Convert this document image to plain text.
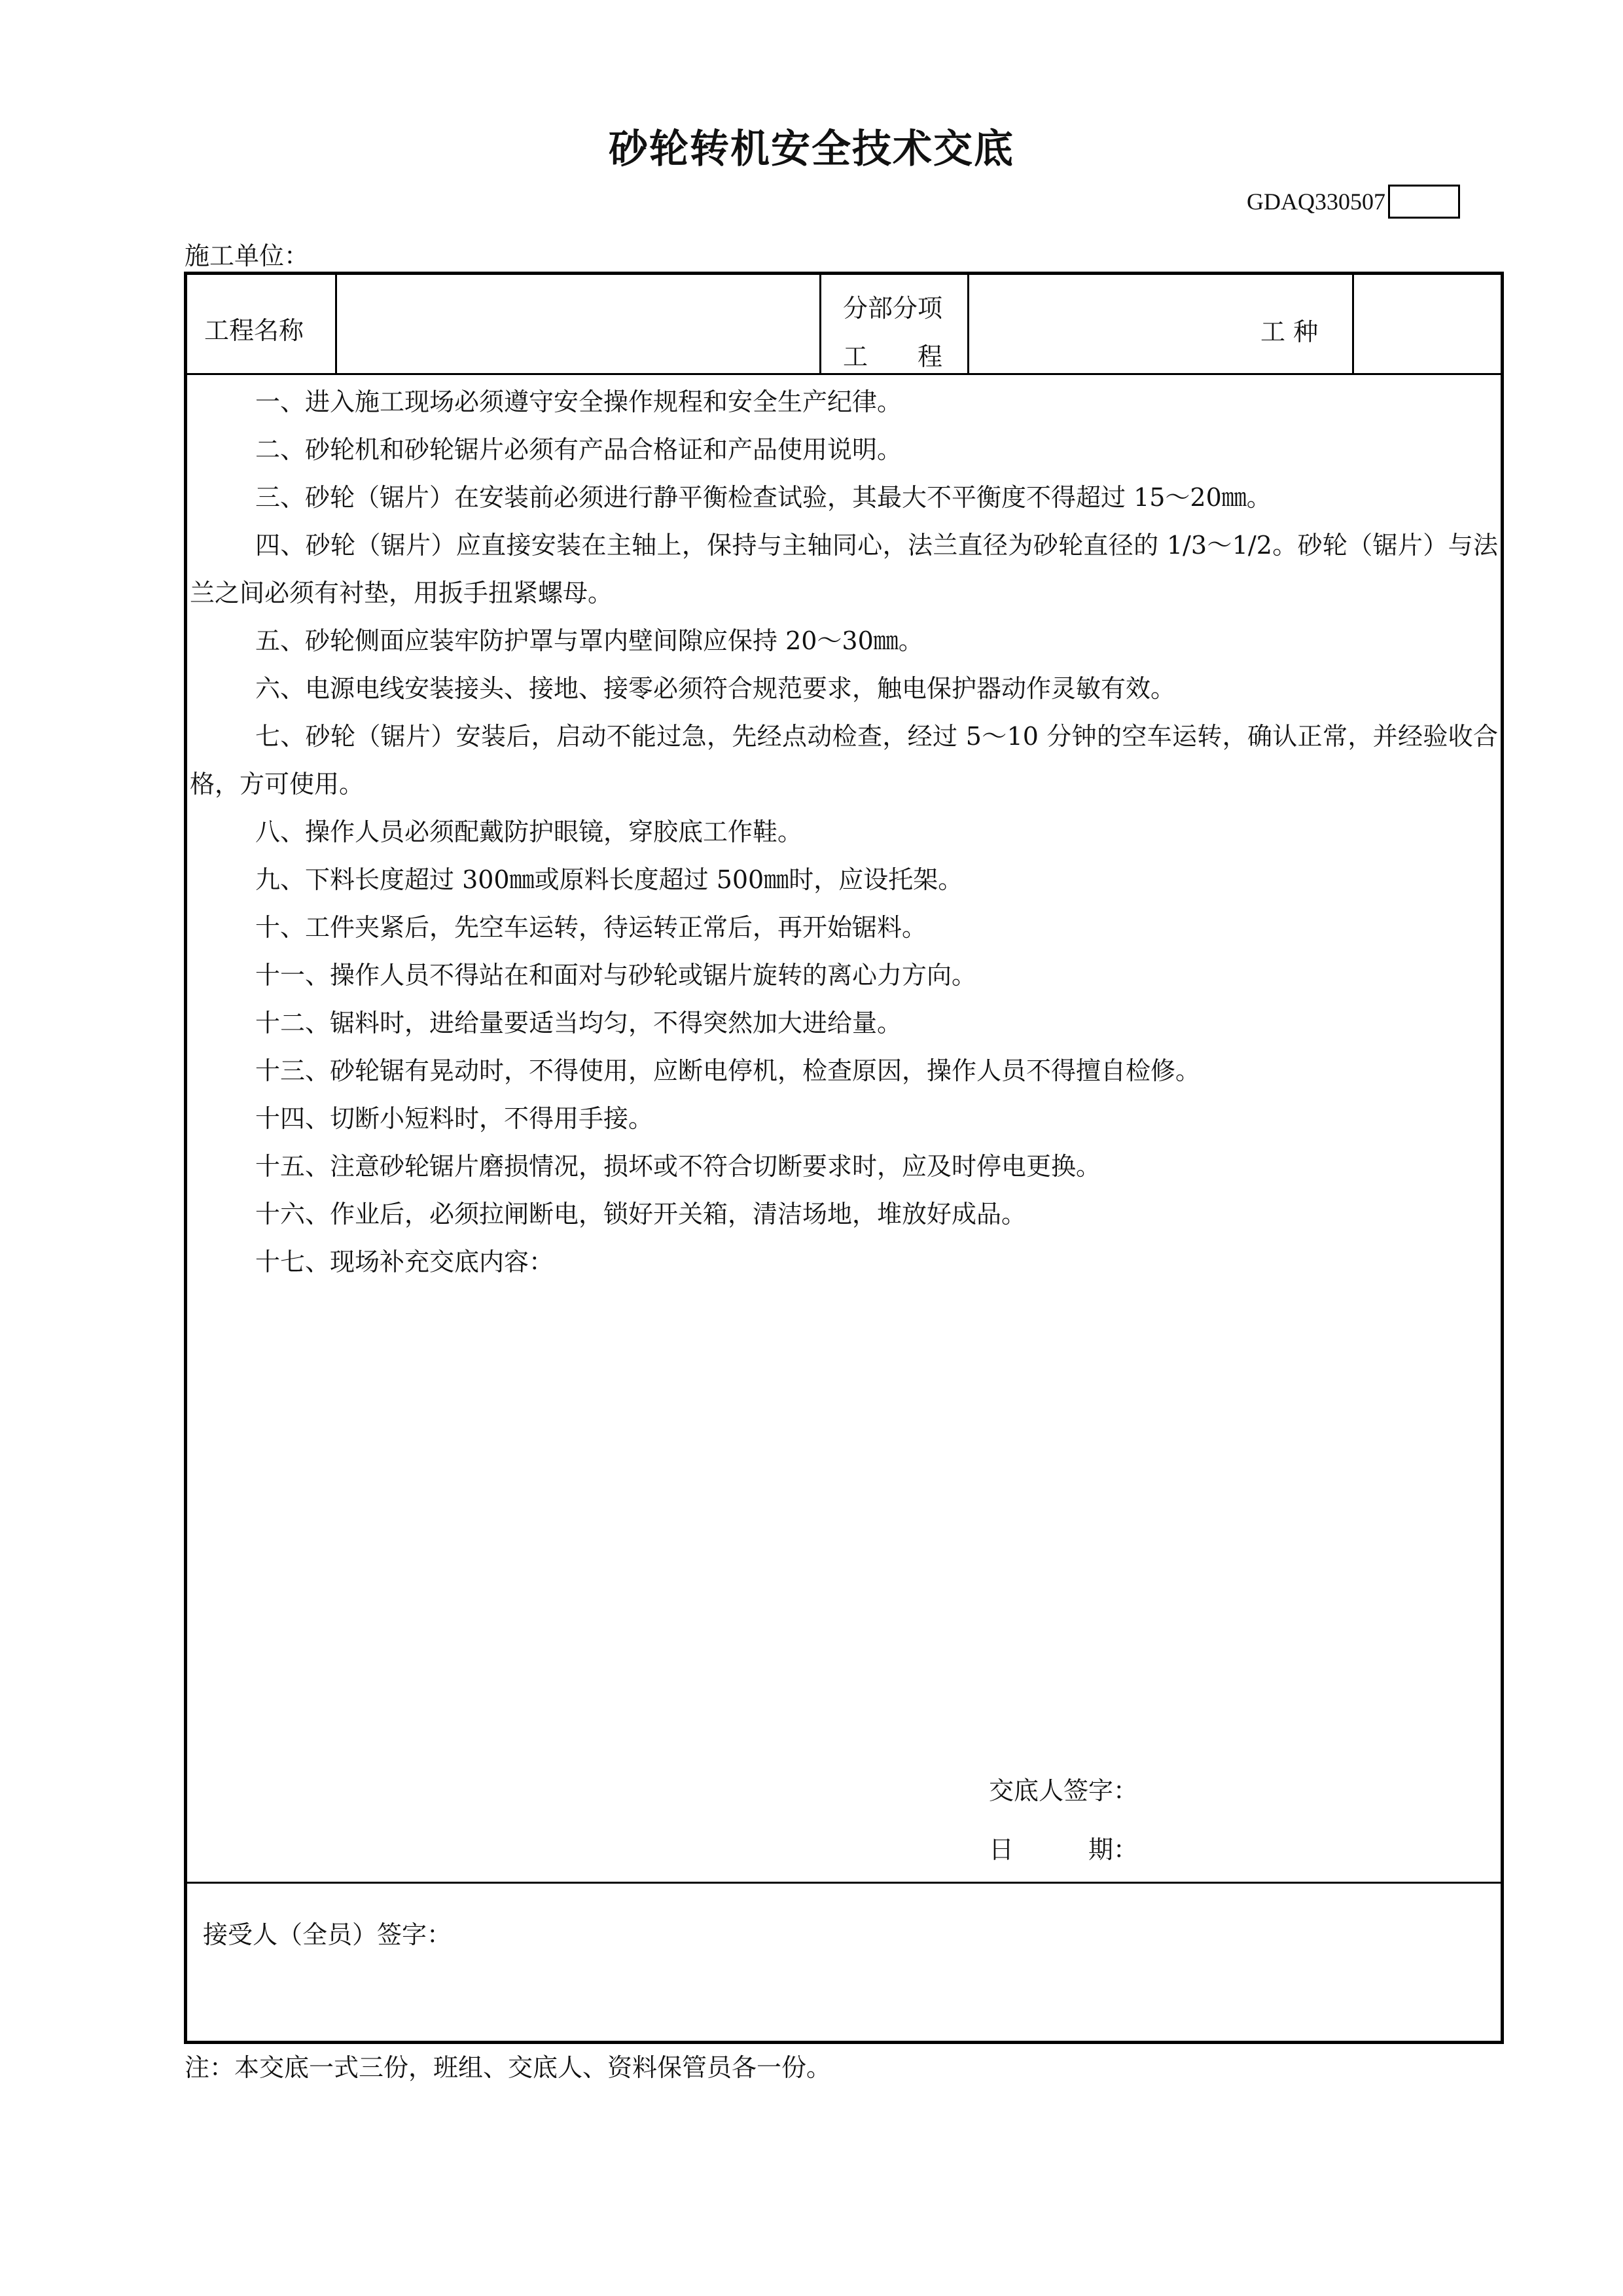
砂轮转机安全技术交底
GDAQ330507
施工单位：
工程名称
分部分项
工　　程
工 种

一、进入施工现场必须遵守安全操作规程和安全生产纪律。

二、砂轮机和砂轮锯片必须有产品合格证和产品使用说明。

三、砂轮（锯片）在安装前必须进行静平衡检查试验，其最大不平衡度不得超过 15～20㎜。

四、砂轮（锯片）应直接安装在主轴上，保持与主轴同心，法兰直径为砂轮直径的 1/3～1/2。砂轮（锯片）与法兰之间必须有衬垫，用扳手扭紧螺母。

五、砂轮侧面应装牢防护罩与罩内壁间隙应保持 20～30㎜。

六、电源电线安装接头、接地、接零必须符合规范要求，触电保护器动作灵敏有效。

七、砂轮（锯片）安装后，启动不能过急，先经点动检查，经过 5～10 分钟的空车运转，确认正常，并经验收合格，方可使用。

八、操作人员必须配戴防护眼镜，穿胶底工作鞋。

九、下料长度超过 300㎜或原料长度超过 500㎜时，应设托架。

十、工件夹紧后，先空车运转，待运转正常后，再开始锯料。

十一、操作人员不得站在和面对与砂轮或锯片旋转的离心力方向。

十二、锯料时，进给量要适当均匀，不得突然加大进给量。

十三、砂轮锯有晃动时，不得使用，应断电停机，检查原因，操作人员不得擅自检修。

十四、切断小短料时，不得用手接。

十五、注意砂轮锯片磨损情况，损坏或不符合切断要求时，应及时停电更换。

十六、作业后，必须拉闸断电，锁好开关箱，清洁场地，堆放好成品。

十七、现场补充交底内容：

交底人签字：
日　　　期：
接受人（全员）签字：
注：本交底一式三份，班组、交底人、资料保管员各一份。
